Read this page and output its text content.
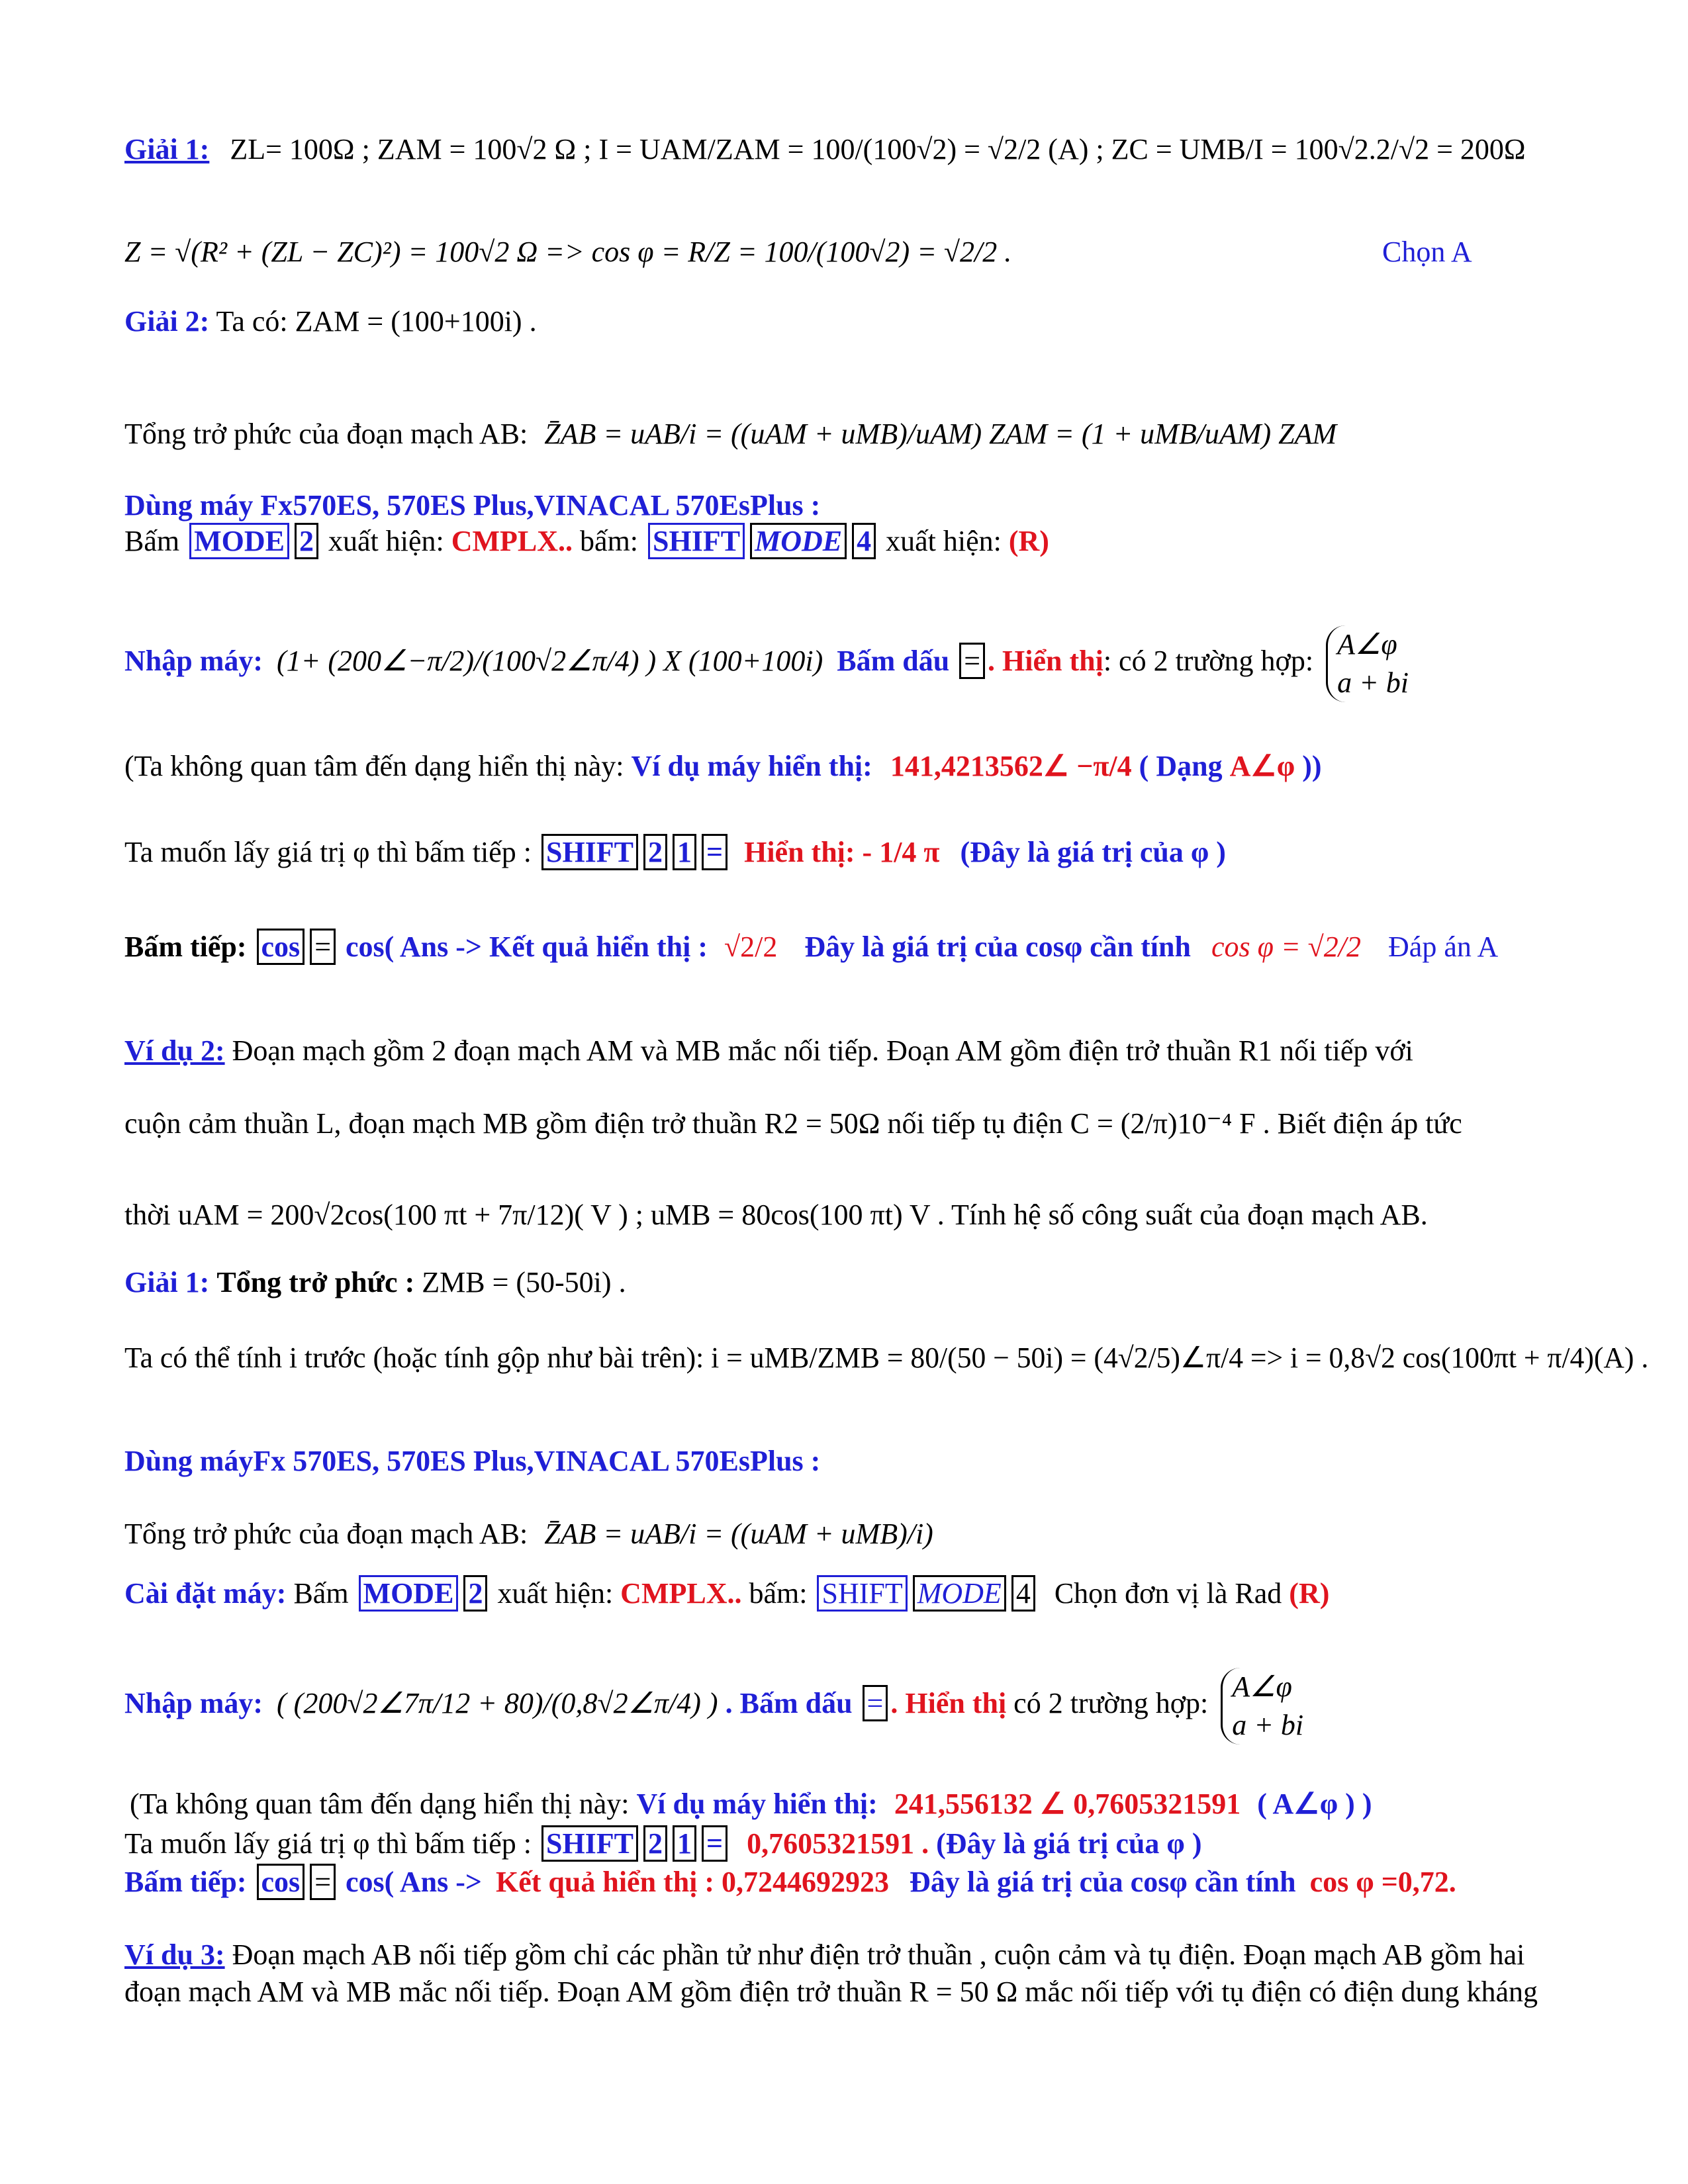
Giải 1: ZL= 100Ω ; ZAM = 100√2 Ω ; I = UAM/ZAM = 100/(100√2) = √2/2 (A) ; ZC = UMB/I = 100√2.2/√2 = 200Ω
Z = √(R² + (ZL − ZC)²) = 100√2 Ω => cos φ = R/Z = 100/(100√2) = √2/2 .	Chọn A
Giải 2: Ta có: ZAM = (100+100i) .
Tổng trở phức của đoạn mạch AB: Z̄AB = uAB/i = ((uAM + uMB)/uAM) ZAM = (1 + uMB/uAM) ZAM
Dùng máy Fx570ES, 570ES Plus,VINACAL 570EsPlus :
Bấm MODE 2 xuất hiện: CMPLX.. bấm: SHIFT MODE 4 xuất hiện: (R)
Nhập máy: (1+ (200∠−π/2)/(100√2∠π/4) ) X (100+100i) Bấm dấu = . Hiển thị: có 2 trường hợp:
A∠φ
a + bi
(Ta không quan tâm đến dạng hiển thị này: Ví dụ máy hiển thị: 141,4213562∠ −π/4 ( Dạng A∠φ ))
Ta muốn lấy giá trị φ thì bấm tiếp : SHIFT 2 1 = Hiển thị: - 1/4 π (Đây là giá trị của φ )
Bấm tiếp: cos = cos( Ans -> Kết quả hiển thị : √2/2 Đây là giá trị của cosφ cần tính cos φ = √2/2 Đáp án A
Ví dụ 2: Đoạn mạch gồm 2 đoạn mạch AM và MB mắc nối tiếp. Đoạn AM gồm điện trở thuần R1 nối tiếp với
cuộn cảm thuần L, đoạn mạch MB gồm điện trở thuần R2 = 50Ω nối tiếp tụ điện C = (2/π)10⁻⁴ F . Biết điện áp tức
thời uAM = 200√2cos(100 πt + 7π/12)( V ) ; uMB = 80cos(100 πt) V . Tính hệ số công suất của đoạn mạch AB.
Giải 1: Tổng trở phức : ZMB = (50-50i) .
Ta có thể tính i trước (hoặc tính gộp như bài trên): i = uMB/ZMB = 80/(50 − 50i) = (4√2/5)∠π/4 => i = 0,8√2 cos(100πt + π/4)(A) .
Dùng máyFx 570ES, 570ES Plus,VINACAL 570EsPlus :
Tổng trở phức của đoạn mạch AB: Z̄AB = uAB/i = ((uAM + uMB)/i)
Cài đặt máy: Bấm MODE 2 xuất hiện: CMPLX.. bấm: SHIFT MODE 4 Chọn đơn vị là Rad (R)
Nhập máy: ( (200√2∠7π/12 + 80)/(0,8√2∠π/4) ) . Bấm dấu = . Hiển thị có 2 trường hợp:
A∠φ
a + bi
(Ta không quan tâm đến dạng hiển thị này: Ví dụ máy hiển thị: 241,556132 ∠ 0,7605321591 ( A∠φ ) )
Ta muốn lấy giá trị φ thì bấm tiếp : SHIFT 2 1 = 0,7605321591 . (Đây là giá trị của φ )
Bấm tiếp: cos = cos( Ans -> Kết quả hiển thị : 0,7244692923 Đây là giá trị của cosφ cần tính cos φ =0,72.
Ví dụ 3: Đoạn mạch AB nối tiếp gồm chỉ các phần tử như điện trở thuần , cuộn cảm và tụ điện. Đoạn mạch AB gồm hai
đoạn mạch AM và MB mắc nối tiếp. Đoạn AM gồm điện trở thuần R = 50 Ω mắc nối tiếp với tụ điện có điện dung kháng
